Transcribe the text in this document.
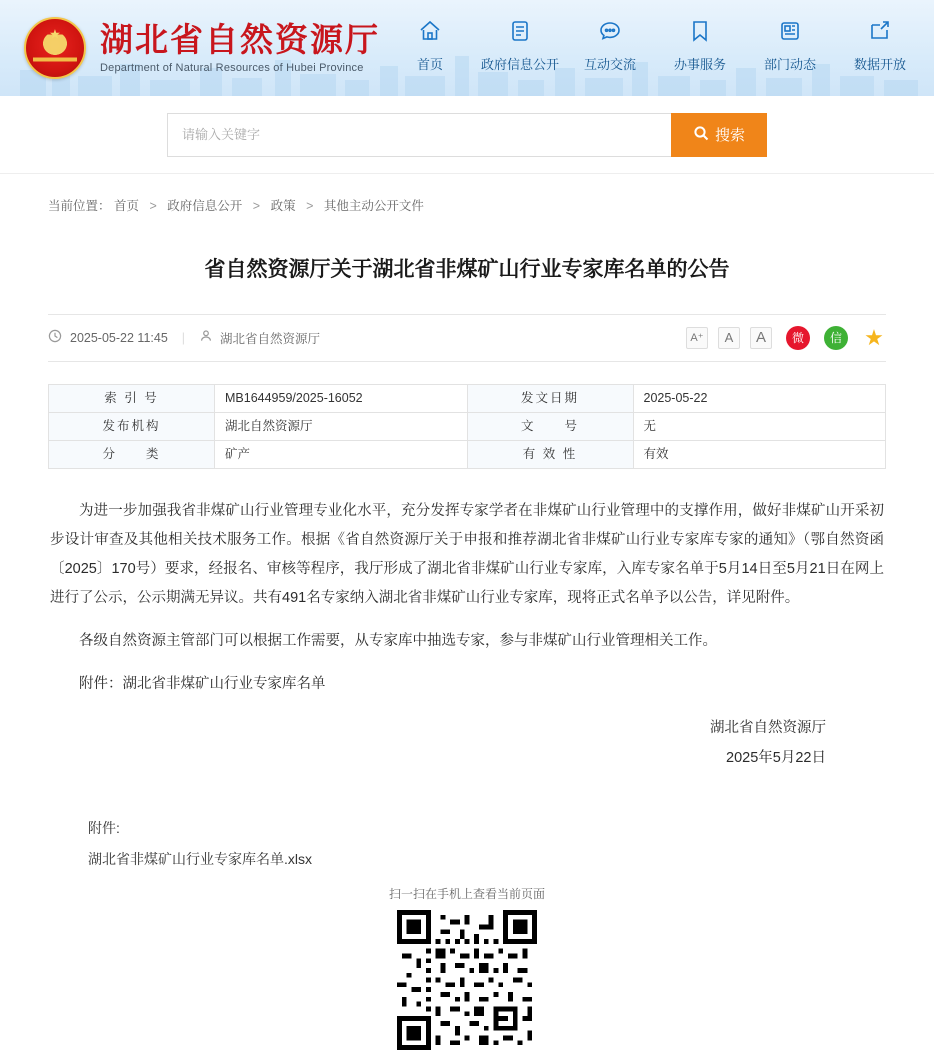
★ 湖北省自然资源厅
Department of Natural Resources of Hubei Province	首页	政府信息公开 互动交流	办事服务	部门动态	数据开放
请输入关键字
搜索
当前位置： 首页 > 政府信息公开 > 政策 > 其他主动公开文件
省自然资源厅关于湖北省非煤矿山行业专家库名单的公告
2025-05-22 11:45 |	湖北省自然资源厅	A⁺	A	A	微	信 ★
索 引 号	MB1644959/2025-16052	发文日期	2025-05-22
发布机构	湖北自然资源厅	文　　号	无
分　　类	矿产	有 效 性	有效

为进一步加强我省非煤矿山行业管理专业化水平，充分发挥专家学者在非煤矿山行业管理中的支撑作用，做好非煤矿山开采初步设计审查及其他相关技术服务工作。根据《省自然资源厅关于申报和推荐湖北省非煤矿山行业专家库专家的通知》（鄂自然资函〔2025〕170号）要求，经报名、审核等程序，我厅形成了湖北省非煤矿山行业专家库，入库专家名单于5月14日至5月21日在网上进行了公示，公示期满无异议。共有491名专家纳入湖北省非煤矿山行业专家库，现将正式名单予以公告，详见附件。

各级自然资源主管部门可以根据工作需要，从专家库中抽选专家，参与非煤矿山行业管理相关工作。

附件：湖北省非煤矿山行业专家库名单

湖北省自然资源厅
2025年5月22日
附件:
湖北省非煤矿山行业专家库名单.xlsx
扫一扫在手机上查看当前页面
